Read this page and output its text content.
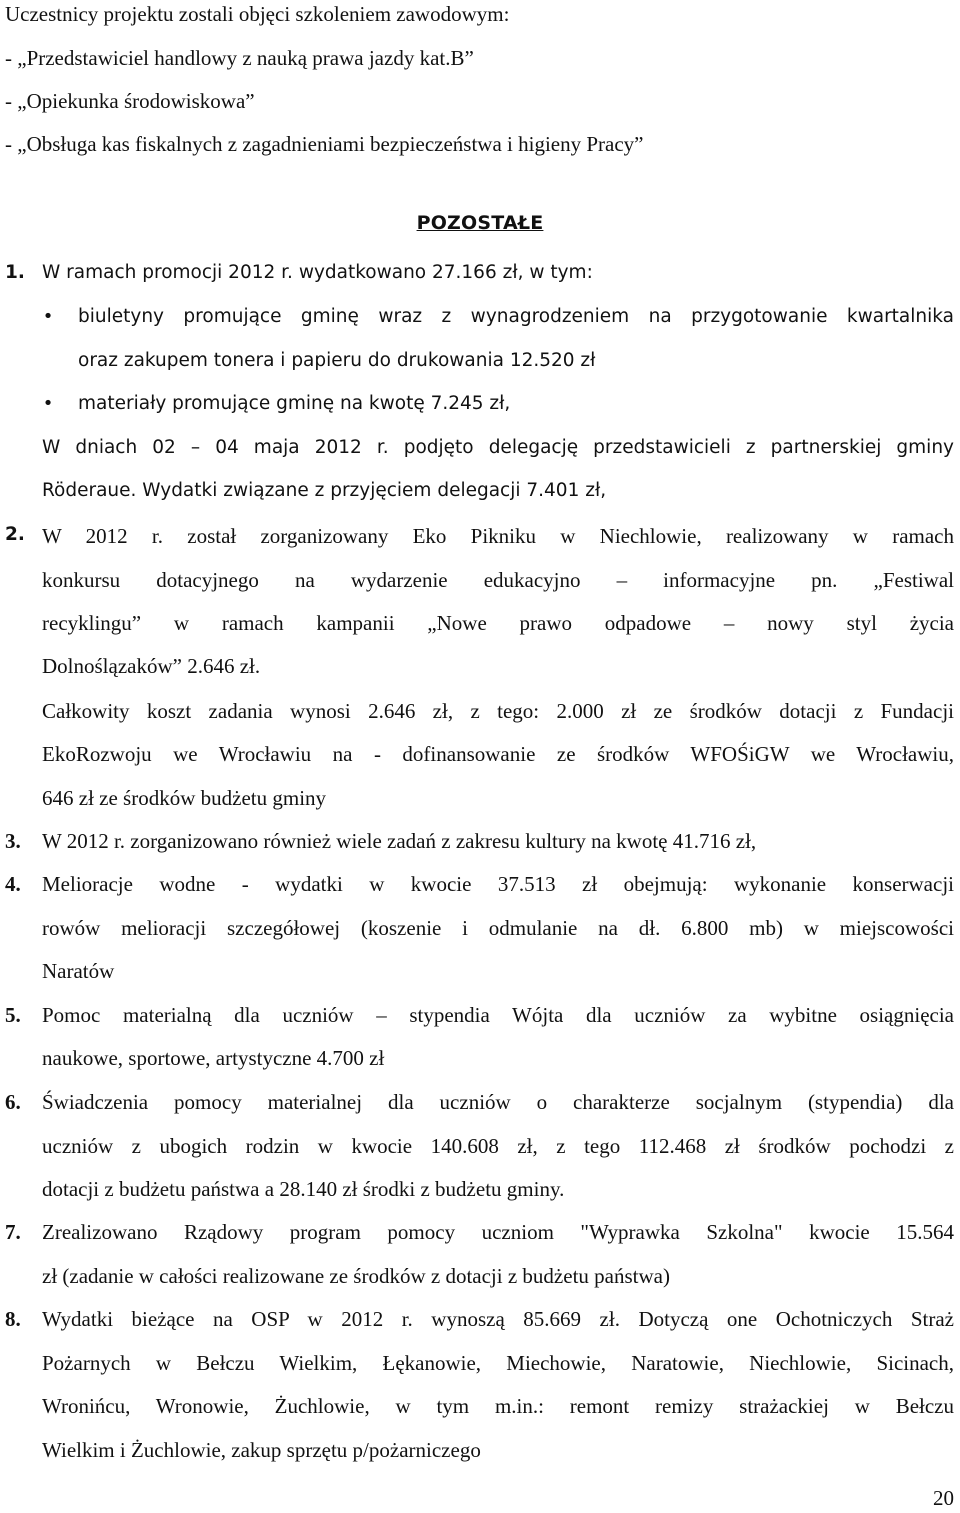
Uczestnicy projektu zostali objęci szkoleniem zawodowym:
- „Przedstawiciel handlowy z nauką prawa jazdy kat.B”
- „Opiekunka środowiskowa”
- „Obsługa kas fiskalnych z zagadnieniami bezpieczeństwa i higieny Pracy”
POZOSTAŁE
1. W ramach promocji 2012 r. wydatkowano 27.166 zł, w tym:
• biuletyny promujące gminę wraz z wynagrodzeniem na przygotowanie kwartalnika
oraz zakupem tonera i papieru do drukowania 12.520 zł
• materiały promujące gminę na kwotę 7.245 zł,
W dniach 02 – 04 maja 2012 r. podjęto delegację przedstawicieli z partnerskiej gminy
Röderaue. Wydatki związane z przyjęciem delegacji 7.401 zł,
2. W 2012 r. został zorganizowany Eko Pikniku w Niechlowie, realizowany w ramach
konkursu dotacyjnego na wydarzenie edukacyjno – informacyjne pn. „Festiwal
recyklingu” w ramach kampanii „Nowe prawo odpadowe – nowy styl życia
Dolnoślązaków” 2.646 zł.
Całkowity koszt zadania wynosi 2.646 zł, z tego: 2.000 zł ze środków dotacji z Fundacji
EkoRozwoju we Wrocławiu na - dofinansowanie ze środków WFOŚiGW we Wrocławiu,
646 zł ze środków budżetu gminy
3.	W 2012 r. zorganizowano również wiele zadań z zakresu kultury na kwotę 41.716 zł,
4.	Melioracje wodne - wydatki w kwocie 37.513 zł obejmują: wykonanie konserwacji
rowów melioracji szczegółowej (koszenie i odmulanie na dł. 6.800 mb) w miejscowości
Naratów
5.	Pomoc materialną dla uczniów – stypendia Wójta dla uczniów za wybitne osiągnięcia
naukowe, sportowe, artystyczne 4.700 zł
6.	Świadczenia pomocy materialnej dla uczniów o charakterze socjalnym (stypendia) dla
uczniów z ubogich rodzin w kwocie 140.608 zł, z tego 112.468 zł środków pochodzi z
dotacji z budżetu państwa a 28.140 zł środki z budżetu gminy.
7.	Zrealizowano Rządowy program pomocy uczniom "Wyprawka Szkolna" kwocie 15.564
zł (zadanie w całości realizowane ze środków z dotacji z budżetu państwa)
8.	Wydatki bieżące na OSP w 2012 r. wynoszą 85.669 zł. Dotyczą one Ochotniczych Straż
Pożarnych w Bełczu Wielkim, Łękanowie, Miechowie, Naratowie, Niechlowie, Sicinach,
Wronińcu, Wronowie, Żuchlowie, w tym m.in.: remont remizy strażackiej w Bełczu
Wielkim i Żuchlowie, zakup sprzętu p/pożarniczego
20
